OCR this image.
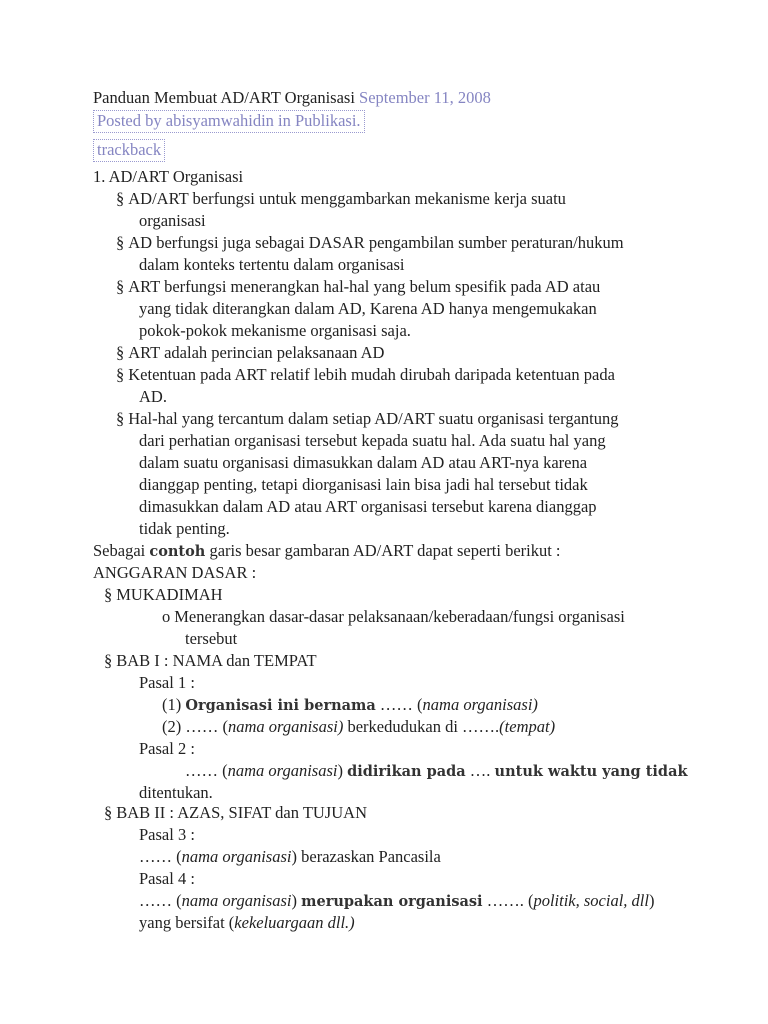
Panduan Membuat AD/ART Organisasi September 11, 2008
Posted by abisyamwahidin in Publikasi.
trackback
1. AD/ART Organisasi
§ AD/ART berfungsi untuk menggambarkan mekanisme kerja suatu
organisasi
§ AD berfungsi juga sebagai DASAR pengambilan sumber peraturan/hukum
dalam konteks tertentu dalam organisasi
§ ART berfungsi menerangkan hal-hal yang belum spesifik pada AD atau
yang tidak diterangkan dalam AD, Karena AD hanya mengemukakan
pokok-pokok mekanisme organisasi saja.
§ ART adalah perincian pelaksanaan AD
§ Ketentuan pada ART relatif lebih mudah dirubah daripada ketentuan pada
AD.
§ Hal-hal yang tercantum dalam setiap AD/ART suatu organisasi tergantung
dari perhatian organisasi tersebut kepada suatu hal. Ada suatu hal yang
dalam suatu organisasi dimasukkan dalam AD atau ART-nya karena
dianggap penting, tetapi diorganisasi lain bisa jadi hal tersebut tidak
dimasukkan dalam AD atau ART organisasi tersebut karena dianggap
tidak penting.
Sebagai contoh garis besar gambaran AD/ART dapat seperti berikut :
ANGGARAN DASAR :
§ MUKADIMAH
o Menerangkan dasar-dasar pelaksanaan/keberadaan/fungsi organisasi
tersebut
§ BAB I : NAMA dan TEMPAT
Pasal 1 :
(1) Organisasi ini bernama …… (nama organisasi)
(2) …… (nama organisasi) berkedudukan di …….(tempat)
Pasal 2 :
…… (nama organisasi) didirikan pada …. untuk waktu yang tidak
ditentukan.
§ BAB II : AZAS, SIFAT dan TUJUAN
Pasal 3 :
…… (nama organisasi) berazaskan Pancasila
Pasal 4 :
…… (nama organisasi) merupakan organisasi ……. (politik, social, dll)
yang bersifat (kekeluargaan dll.)
